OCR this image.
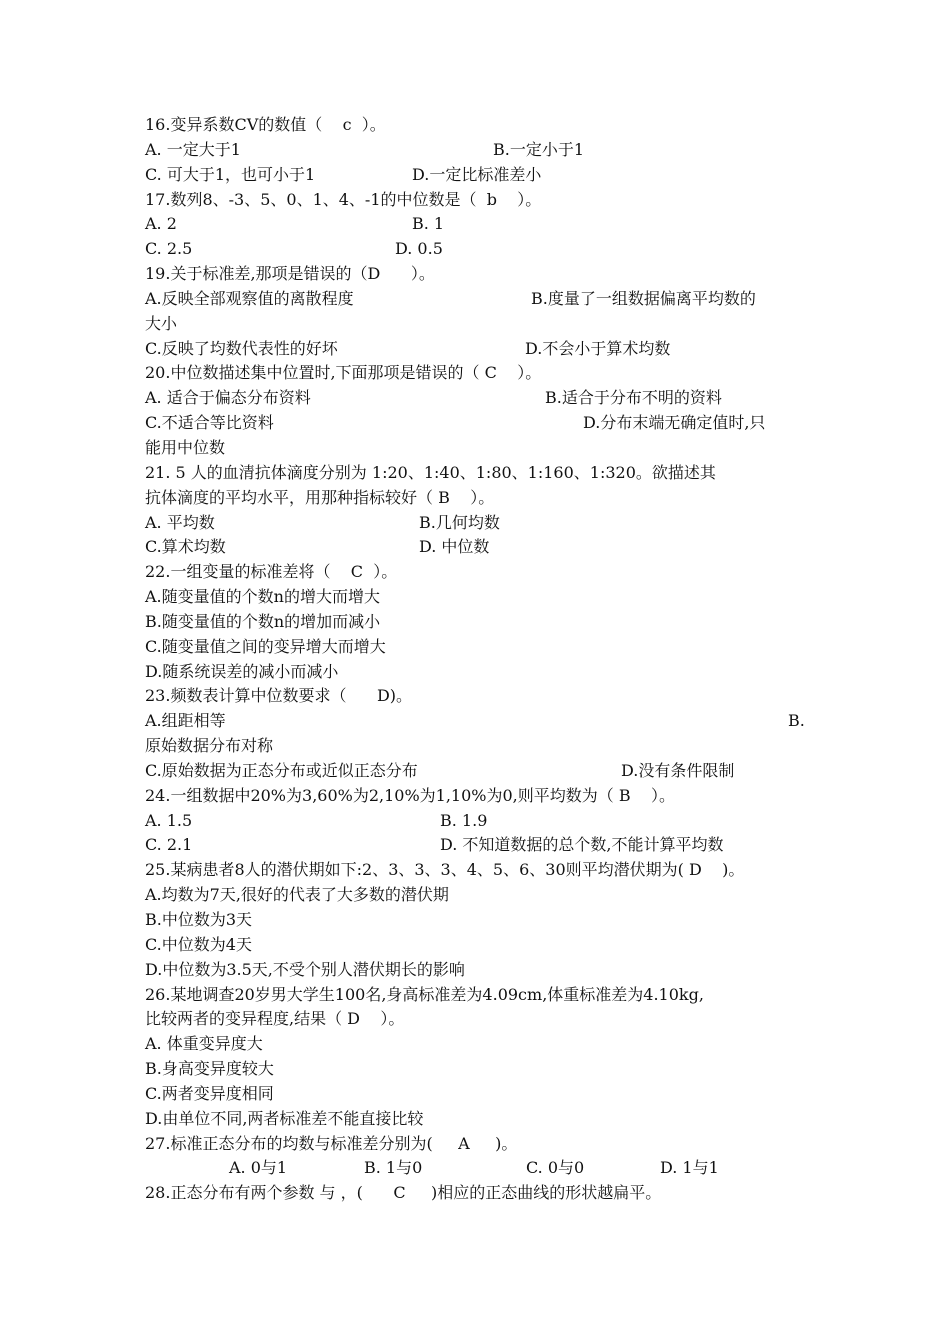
16.变异系数CV的数值（    c  ）。
A. 一定大于1	B.一定小于1
C. 可大于1，也可小于1	D.一定比标准差小
17.数列8、-3、5、0、1、4、-1的中位数是（  b    ）。
A. 2	B. 1
C. 2.5	D. 0.5
19.关于标准差,那项是错误的（D      ）。
A.反映全部观察值的离散程度	B.度量了一组数据偏离平均数的
大小
C.反映了均数代表性的好坏	D.不会小于算术均数
20.中位数描述集中位置时,下面那项是错误的（ C    ）。
A. 适合于偏态分布资料	B.适合于分布不明的资料
C.不适合等比资料	D.分布末端无确定值时,只
能用中位数
21. 5 人的血清抗体滴度分别为 1:20、1:40、1:80、1:160、1:320。欲描述其
抗体滴度的平均水平，用那种指标较好（ B    ）。
A. 平均数	B.几何均数
C.算术均数	D. 中位数
22.一组变量的标准差将（    C  ）。
A.随变量值的个数n的增大而增大
B.随变量值的个数n的增加而减小
C.随变量值之间的变异增大而增大
D.随系统误差的减小而减小
23.频数表计算中位数要求（      D)。
A.组距相等	B.
原始数据分布对称
C.原始数据为正态分布或近似正态分布	D.没有条件限制
24.一组数据中20%为3,60%为2,10%为1,10%为0,则平均数为（ B    ）。
A. 1.5	B. 1.9
C. 2.1	D. 不知道数据的总个数,不能计算平均数
25.某病患者8人的潜伏期如下:2、3、3、3、4、5、6、30则平均潜伏期为( D    )。
A.均数为7天,很好的代表了大多数的潜伏期
B.中位数为3天
C.中位数为4天
D.中位数为3.5天,不受个别人潜伏期长的影响
26.某地调查20岁男大学生100名,身高标准差为4.09cm,体重标准差为4.10kg,
比较两者的变异程度,结果（ D    ）。
A. 体重变异度大
B.身高变异度较大
C.两者变异度相同
D.由单位不同,两者标准差不能直接比较
27.标准正态分布的均数与标准差分别为(     A     )。
A. 0与1	B. 1与0	C. 0与0	D. 1与1
28.正态分布有两个参数 与 ，(      C     )相应的正态曲线的形状越扁平。
